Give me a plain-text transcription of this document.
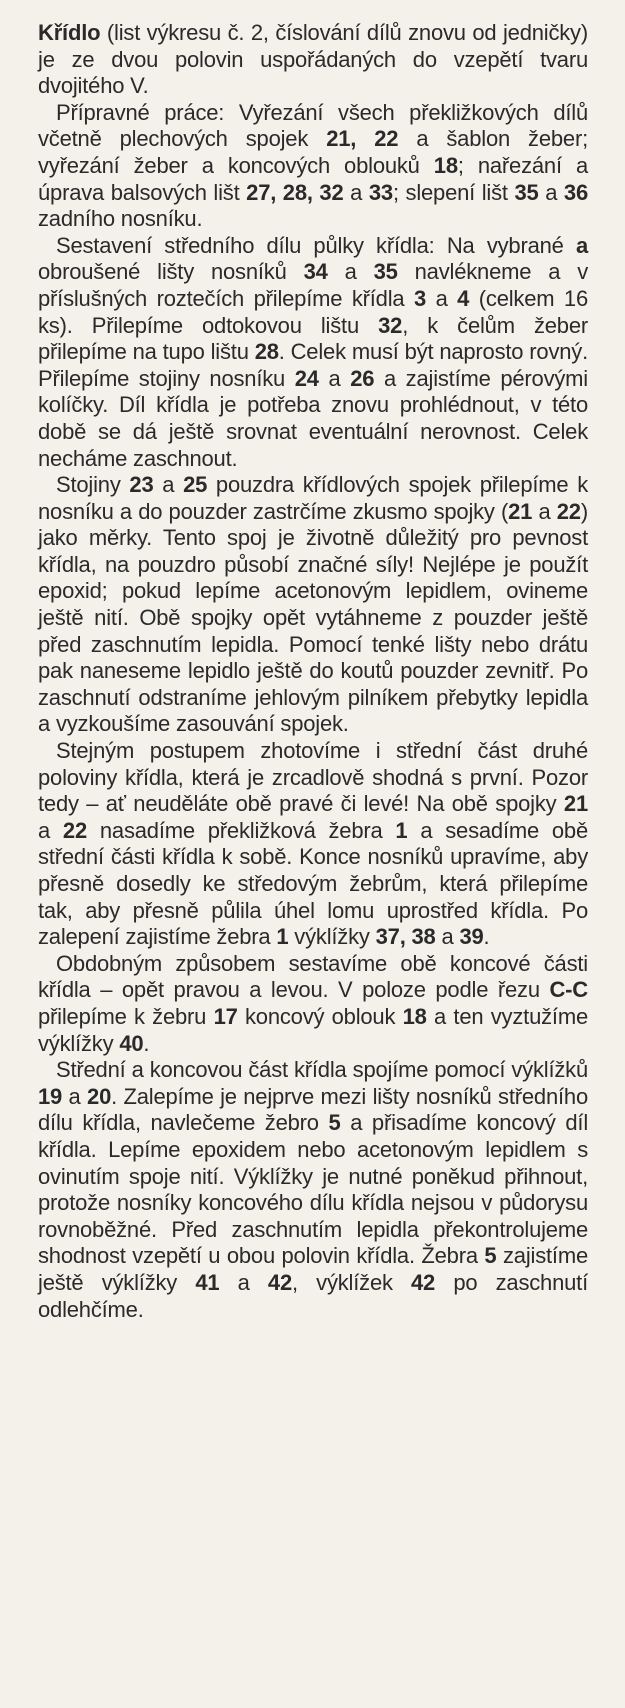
Křídlo (list výkresu č. 2, číslování dílů znovu od jedničky) je ze dvou polovin uspořádaných do vzepětí tvaru dvojitého V.

Přípravné práce: Vyřezání všech překližkových dílů včetně plechových spojek 21, 22 a šablon žeber; vyřezání žeber a koncových oblouků 18; nařezání a úprava balsových lišt 27, 28, 32 a 33; slepení lišt 35 a 36 zadního nosníku.

Sestavení středního dílu půlky křídla: Na vybrané a obroušené lišty nosníků 34 a 35 navlékneme a v příslušných roztečích přilepíme křídla 3 a 4 (celkem 16 ks). Přilepíme odtokovou lištu 32, k čelům žeber přilepíme na tupo lištu 28. Celek musí být naprosto rovný. Přilepíme stojiny nosníku 24 a 26 a zajistíme pérovými kolíčky. Díl křídla je potřeba znovu prohlédnout, v této době se dá ještě srovnat eventuální nerovnost. Celek necháme zaschnout.

Stojiny 23 a 25 pouzdra křídlových spojek přilepíme k nosníku a do pouzder zastrčíme zkusmo spojky (21 a 22) jako měrky. Tento spoj je životně důležitý pro pevnost křídla, na pouzdro působí značné síly! Nejlépe je použít epoxid; pokud lepíme acetonovým lepidlem, ovineme ještě nití. Obě spojky opět vytáhneme z pouzder ještě před zaschnutím lepidla. Pomocí tenké lišty nebo drátu pak naneseme lepidlo ještě do koutů pouzder zevnitř. Po zaschnutí odstraníme jehlovým pilníkem přebytky lepidla a vyzkoušíme zasouvání spojek.

Stejným postupem zhotovíme i střední část druhé poloviny křídla, která je zrcadlově shodná s první. Pozor tedy – ať neuděláte obě pravé či levé! Na obě spojky 21 a 22 nasadíme překližková žebra 1 a sesadíme obě střední části křídla k sobě. Konce nosníků upravíme, aby přesně dosedly ke středovým žebrům, která přilepíme tak, aby přesně půlila úhel lomu uprostřed křídla. Po zalepení zajistíme žebra 1 výklížky 37, 38 a 39.

Obdobným způsobem sestavíme obě koncové části křídla – opět pravou a levou. V poloze podle řezu C-C přilepíme k žebru 17 koncový oblouk 18 a ten vyztužíme výklížky 40.

Střední a koncovou část křídla spojíme pomocí výklížků 19 a 20. Zalepíme je nejprve mezi lišty nosníků středního dílu křídla, navlečeme žebro 5 a přisadíme koncový díl křídla. Lepíme epoxidem nebo acetonovým lepidlem s ovinutím spoje nití. Výklížky je nutné poněkud přihnout, protože nosníky koncového dílu křídla nejsou v půdorysu rovnoběžné. Před zaschnutím lepidla překontrolujeme shodnost vzepětí u obou polovin křídla. Žebra 5 zajistíme ještě výklížky 41 a 42, výklížek 42 po zaschnutí odlehčíme.
